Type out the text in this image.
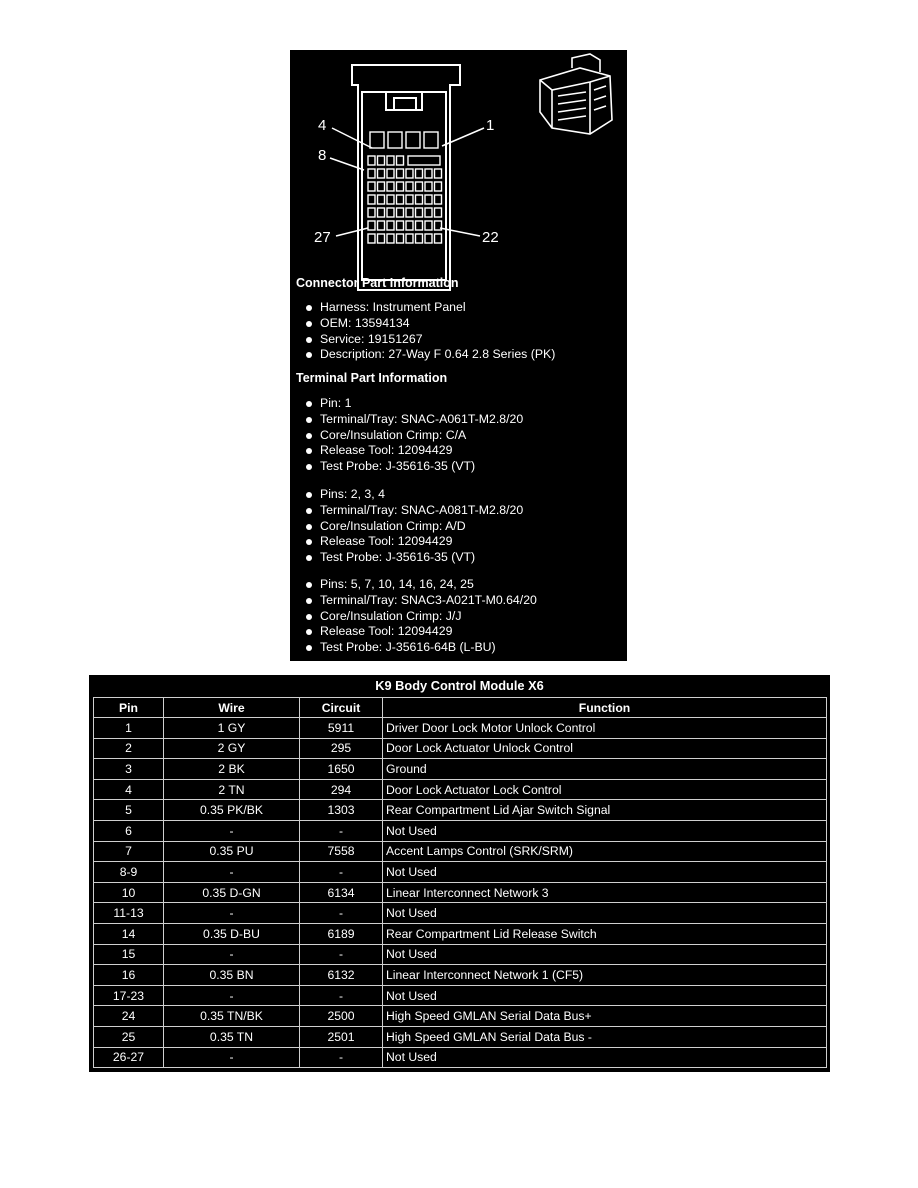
4	1
8
27	22
Connector Part Information
Harness: Instrument Panel
OEM: 13594134
Service: 19151267
Description: 27-Way F 0.64 2.8 Series (PK)
Terminal Part Information
Pin: 1
Terminal/Tray: SNAC-A061T-M2.8/20
Core/Insulation Crimp: C/A
Release Tool: 12094429
Test Probe: J-35616-35 (VT)
Pins: 2, 3, 4
Terminal/Tray: SNAC-A081T-M2.8/20
Core/Insulation Crimp: A/D
Release Tool: 12094429
Test Probe: J-35616-35 (VT)
Pins: 5, 7, 10, 14, 16, 24, 25
Terminal/Tray: SNAC3-A021T-M0.64/20
Core/Insulation Crimp: J/J
Release Tool: 12094429
Test Probe: J-35616-64B (L-BU)
K9 Body Control Module X6
Pin	Wire	Circuit	Function
1	1 GY	5911	Driver Door Lock Motor Unlock Control
2	2 GY	295	Door Lock Actuator Unlock Control
3	2 BK	1650	Ground
4	2 TN	294	Door Lock Actuator Lock Control
5	0.35 PK/BK	1303	Rear Compartment Lid Ajar Switch Signal
6	-	-	Not Used
7	0.35 PU	7558	Accent Lamps Control (SRK/SRM)
8-9	-	-	Not Used
10	0.35 D-GN	6134	Linear Interconnect Network 3
11-13	-	-	Not Used
14	0.35 D-BU	6189	Rear Compartment Lid Release Switch
15	-	-	Not Used
16	0.35 BN	6132	Linear Interconnect Network 1 (CF5)
17-23	-	-	Not Used
24	0.35 TN/BK	2500	High Speed GMLAN Serial Data Bus+
25	0.35 TN	2501	High Speed GMLAN Serial Data Bus -
26-27	-	-	Not Used
